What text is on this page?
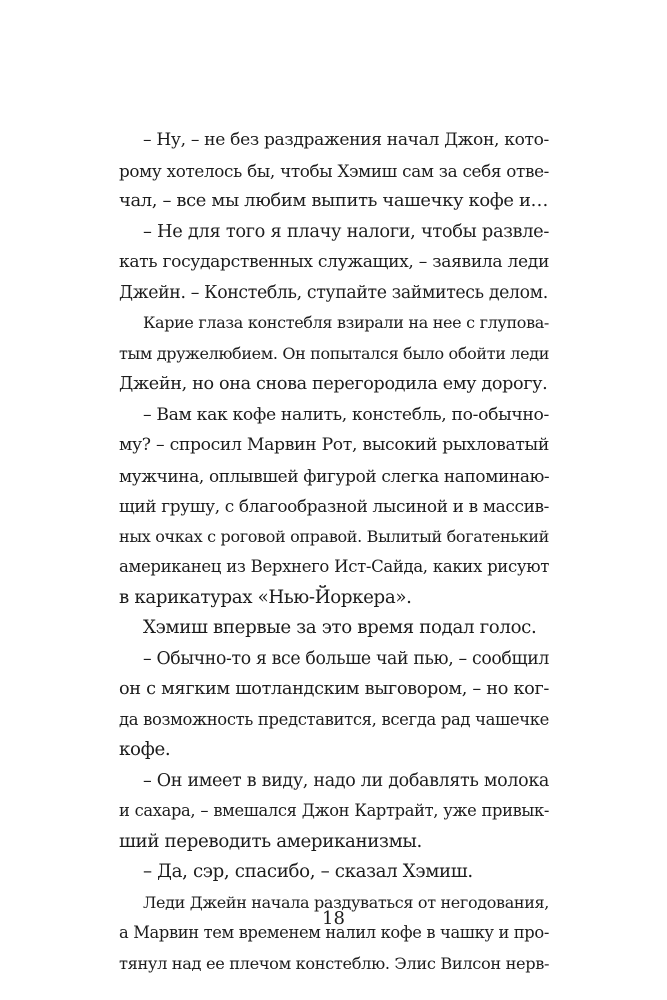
– Ну, – не без раздражения начал Джон, кото-
рому хотелось бы, чтобы Хэмиш сам за себя отве-
чал, – все мы любим выпить чашечку кофе и…
– Не для того я плачу налоги, чтобы развле-
кать государственных служащих, – заявила леди
Джейн. – Констебль, ступайте займитесь делом.
Карие глаза констебля взирали на нее с глупова-
тым дружелюбием. Он попытался было обойти леди
Джейн, но она снова перегородила ему дорогу.
– Вам как кофе налить, констебль, по-обычно-
му? – спросил Марвин Рот, высокий рыхловатый
мужчина, оплывшей фигурой слегка напоминаю-
щий грушу, с благообразной лысиной и в массив-
ных очках с роговой оправой. Вылитый богатенький
американец из Верхнего Ист-Сайда, каких рисуют
в карикатурах «Нью-Йоркера».
Хэмиш впервые за это время подал голос.
– Обычно-то я все больше чай пью, – сообщил
он с мягким шотландским выговором, – но ког-
да возможность представится, всегда рад чашечке
кофе.
– Он имеет в виду, надо ли добавлять молока
и сахара, – вмешался Джон Картрайт, уже привык-
ший переводить американизмы.
– Да, сэр, спасибо, – сказал Хэмиш.
Леди Джейн начала раздуваться от негодования,
а Марвин тем временем налил кофе в чашку и про-
тянул над ее плечом констеблю. Элис Вилсон нерв-
18
